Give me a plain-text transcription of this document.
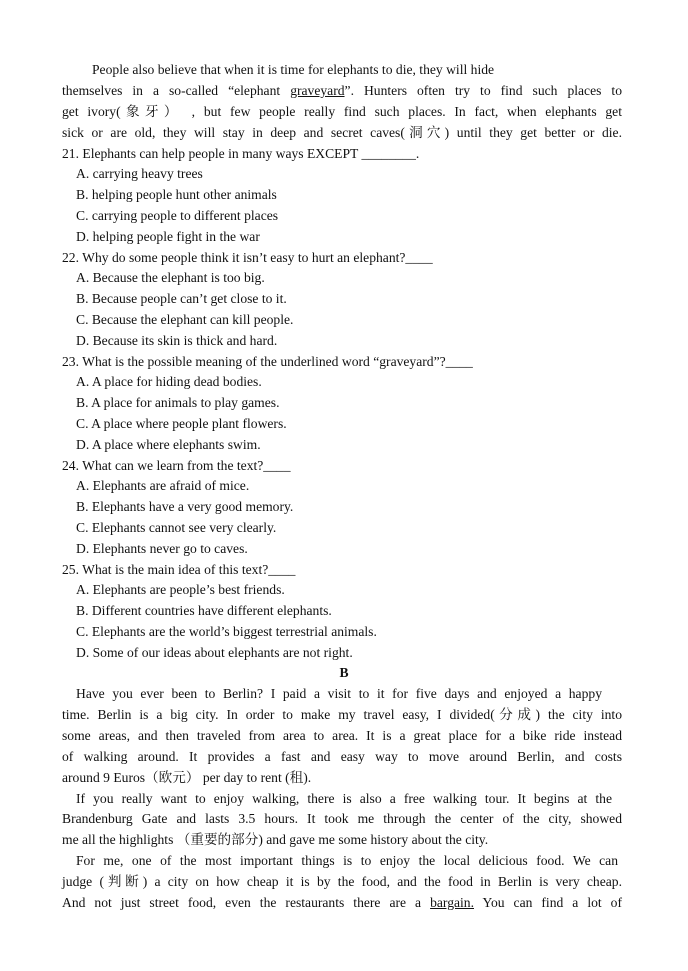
People also believe that when it is time for elephants to die, they will hide
themselves in a so-called “elephant graveyard”. Hunters often try to find such places to
get ivory(象牙） , but few people really find such places. In fact, when elephants get
sick or are old, they will stay in deep and secret caves(洞穴) until they get better or die.
21. Elephants can help people in many ways EXCEPT ________.
A. carrying heavy trees
B. helping people hunt other animals
C. carrying people to different places
D. helping people fight in the war
22. Why do some people think it isn’t easy to hurt an elephant?____
A. Because the elephant is too big.
B. Because people can’t get close to it.
C. Because the elephant can kill people.
D. Because its skin is thick and hard.
23. What is the possible meaning of the underlined word “graveyard”?____
A. A place for hiding dead bodies.
B. A place for animals to play games.
C. A place where people plant flowers.
D. A place where elephants swim.
24. What can we learn from the text?____
A. Elephants are afraid of mice.
B. Elephants have a very good memory.
C. Elephants cannot see very clearly.
D. Elephants never go to caves.
25. What is the main idea of this text?____
A. Elephants are people’s best friends.
B. Different countries have different elephants.
C. Elephants are the world’s biggest terrestrial animals.
D. Some of our ideas about elephants are not right.
B
Have you ever been to Berlin? I paid a visit to it for five days and enjoyed a happy
time. Berlin is a big city. In order to make my travel easy, I divided(分成) the city into
some areas, and then traveled from area to area. It is a great place for a bike ride instead
of walking around. It provides a fast and easy way to move around Berlin, and costs
around 9 Euros（欧元） per day to rent (租).
If you really want to enjoy walking, there is also a free walking tour. It begins at the
Brandenburg Gate and lasts 3.5 hours. It took me through the center of the city, showed
me all the highlights （重要的部分) and gave me some history about the city.
For me, one of the most important things is to enjoy the local delicious food. We can
judge (判断) a city on how cheap it is by the food, and the food in Berlin is very cheap.
And not just street food, even the restaurants there are a bargain. You can find a lot of
